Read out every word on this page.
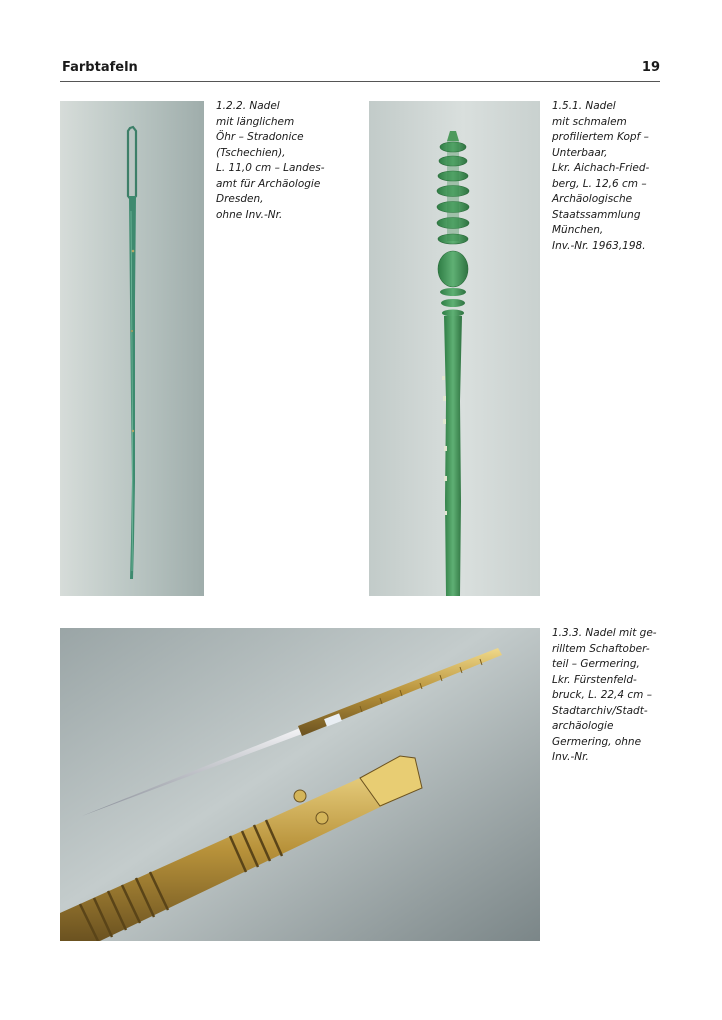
Farbtafeln	19
1.2.2. Nadel
mit länglichem
Öhr – Stradonice
(Tschechien),
L. 11,0 cm – Landes-
amt für Archäologie
Dresden,
ohne Inv.-Nr.
1.5.1. Nadel
mit schmalem
profiliertem Kopf –
Unterbaar,
Lkr. Aichach-Fried-
berg, L. 12,6 cm –
Archäologische
Staatssammlung
München,
Inv.-Nr. 1963,198.
1.3.3. Nadel mit ge-
rilltem Schaftober-
teil – Germering,
Lkr. Fürstenfeld-
bruck, L. 22,4 cm –
Stadtarchiv/Stadt-
archäologie
Germering, ohne
Inv.-Nr.
